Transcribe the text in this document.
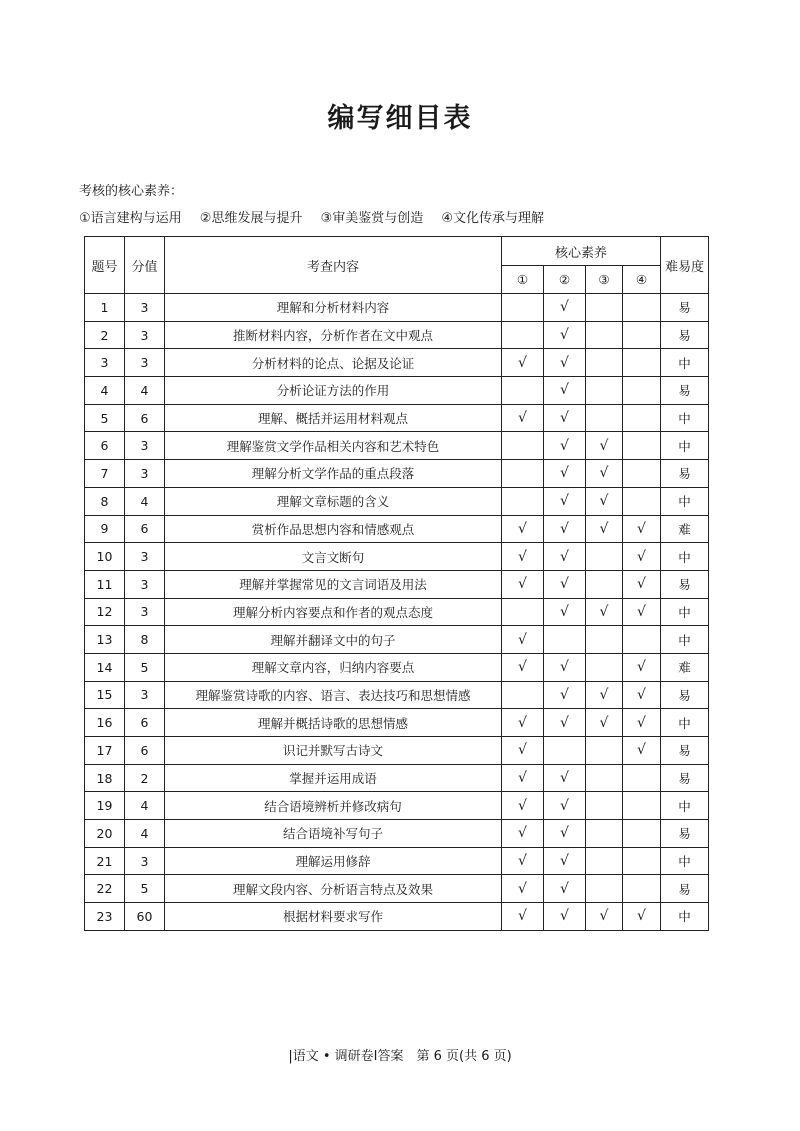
编写细目表
考核的核心素养：
①语言建构与运用 ②思维发展与提升 ③审美鉴赏与创造 ④文化传承与理解
题号	分值	考查内容	核心素养				难易度
			①	②	③	④	
1	3	理解和分析材料内容		√			易
2	3	推断材料内容，分析作者在文中观点		√			易
3	3	分析材料的论点、论据及论证	√	√			中
4	4	分析论证方法的作用		√			易
5	6	理解、概括并运用材料观点	√	√			中
6	3	理解鉴赏文学作品相关内容和艺术特色		√	√		中
7	3	理解分析文学作品的重点段落		√	√		易
8	4	理解文章标题的含义		√	√		中
9	6	赏析作品思想内容和情感观点	√	√	√	√	难
10	3	文言文断句	√	√		√	中
11	3	理解并掌握常见的文言词语及用法	√	√		√	易
12	3	理解分析内容要点和作者的观点态度		√	√	√	中
13	8	理解并翻译文中的句子	√				中
14	5	理解文章内容，归纳内容要点	√	√		√	难
15	3	理解鉴赏诗歌的内容、语言、表达技巧和思想情感		√	√	√	易
16	6	理解并概括诗歌的思想情感	√	√	√	√	中
17	6	识记并默写古诗文	√			√	易
18	2	掌握并运用成语	√	√			易
19	4	结合语境辨析并修改病句	√	√			中
20	4	结合语境补写句子	√	√			易
21	3	理解运用修辞	√	√			中
22	5	理解文段内容、分析语言特点及效果	√	√			易
23	60	根据材料要求写作	√	√	√	√	中
|语文 • 调研卷Ⅰ答案　第 6 页(共 6 页)
